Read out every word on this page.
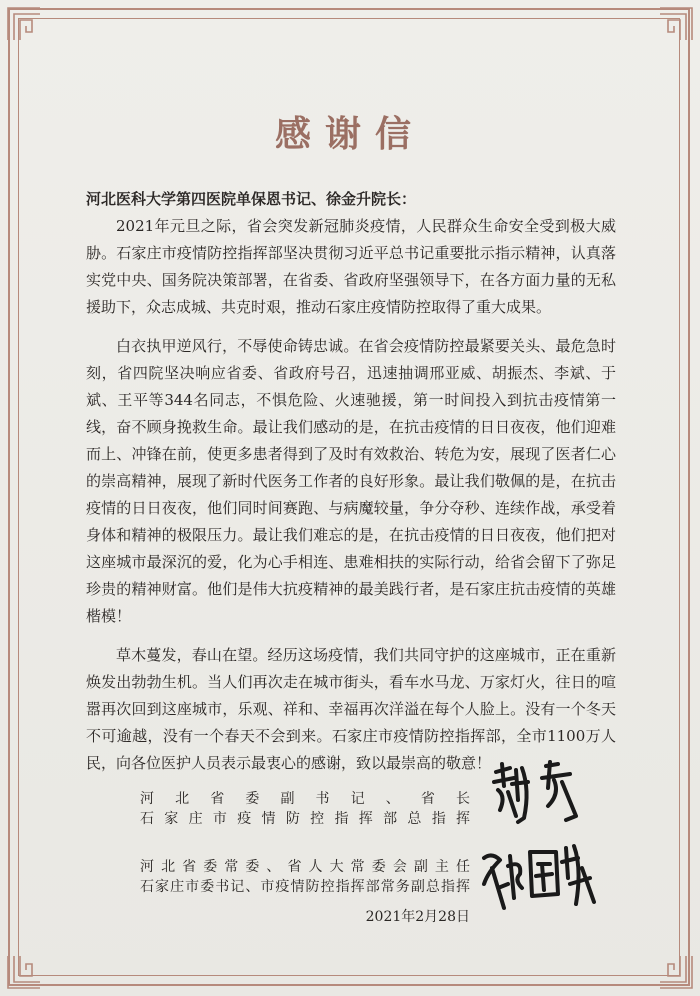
感谢信
河北医科大学第四医院单保恩书记、徐金升院长：

2021年元旦之际，省会突发新冠肺炎疫情，人民群众生命安全受到极大威胁。石家庄市疫情防控指挥部坚决贯彻习近平总书记重要批示指示精神，认真落实党中央、国务院决策部署，在省委、省政府坚强领导下，在各方面力量的无私援助下，众志成城、共克时艰，推动石家庄疫情防控取得了重大成果。

白衣执甲逆风行，不辱使命铸忠诚。在省会疫情防控最紧要关头、最危急时刻，省四院坚决响应省委、省政府号召，迅速抽调邢亚威、胡振杰、李斌、于斌、王平等344名同志，不惧危险、火速驰援，第一时间投入到抗击疫情第一线，奋不顾身挽救生命。最让我们感动的是，在抗击疫情的日日夜夜，他们迎难而上、冲锋在前，使更多患者得到了及时有效救治、转危为安，展现了医者仁心的崇高精神，展现了新时代医务工作者的良好形象。最让我们敬佩的是，在抗击疫情的日日夜夜，他们同时间赛跑、与病魔较量，争分夺秒、连续作战，承受着身体和精神的极限压力。最让我们难忘的是，在抗击疫情的日日夜夜，他们把对这座城市最深沉的爱，化为心手相连、患难相扶的实际行动，给省会留下了弥足珍贵的精神财富。他们是伟大抗疫精神的最美践行者，是石家庄抗击疫情的英雄楷模！

草木蔓发，春山在望。经历这场疫情，我们共同守护的这座城市，正在重新焕发出勃勃生机。当人们再次走在城市街头，看车水马龙、万家灯火，往日的喧嚣再次回到这座城市，乐观、祥和、幸福再次洋溢在每个人脸上。没有一个冬天不可逾越，没有一个春天不会到来。石家庄市疫情防控指挥部，全市1100万人民，向各位医护人员表示最衷心的感谢，致以最崇高的敬意！

河北省委副书记、省长
石家庄市疫情防控指挥部总指挥
河北省委常委、省人大常委会副主任
石家庄市委书记、市疫情防控指挥部常务副总指挥
2021年2月28日
